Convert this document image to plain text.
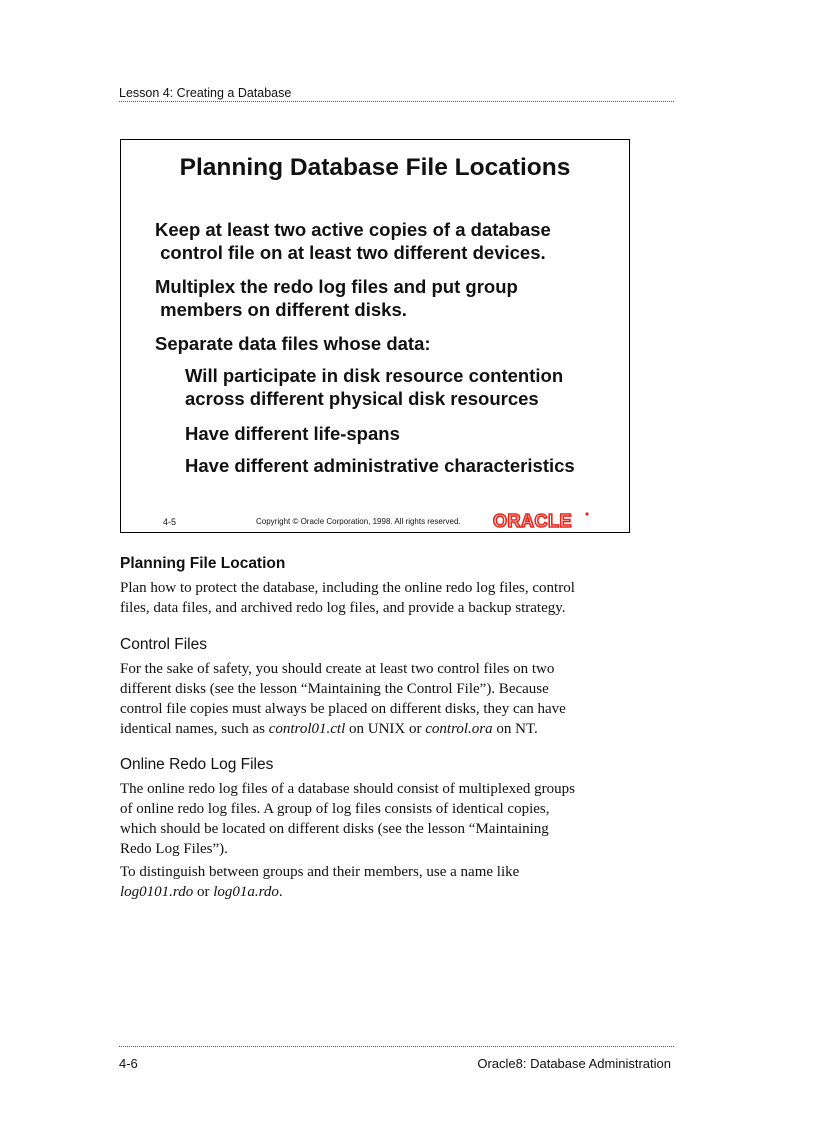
Lesson 4: Creating a Database
Planning Database File Locations
Keep at least two active copies of a database
control file on at least two different devices.
Multiplex the redo log files and put group
members on different disks.
Separate data files whose data:
Will participate in disk resource contention
across different physical disk resources
Have different life-spans
Have different administrative characteristics
4-5	Copyright © Oracle Corporation, 1998. All rights reserved. ORACLE
Planning File Location
Plan how to protect the database, including the online redo log files, control
files, data files, and archived redo log files, and provide a backup strategy.
Control Files
For the sake of safety, you should create at least two control files on two
different disks (see the lesson “Maintaining the Control File”). Because
control file copies must always be placed on different disks, they can have
identical names, such as control01.ctl on UNIX or control.ora on NT.
Online Redo Log Files
The online redo log files of a database should consist of multiplexed groups
of online redo log files. A group of log files consists of identical copies,
which should be located on different disks (see the lesson “Maintaining
Redo Log Files”).
To distinguish between groups and their members, use a name like
log0101.rdo or log01a.rdo.
4-6	Oracle8: Database Administration
